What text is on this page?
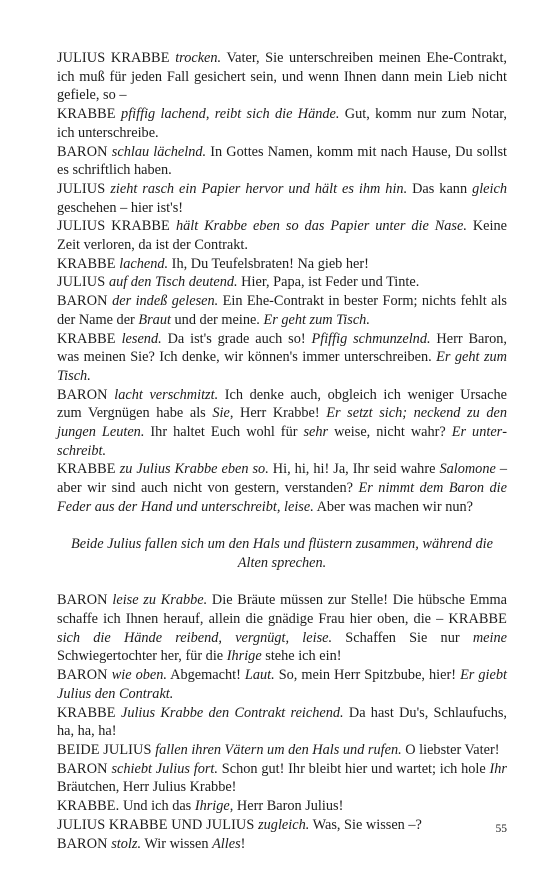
JULIUS KRABBE trocken. Vater, Sie unterschreiben meinen Ehe-Contrakt, ich muß für jeden Fall gesichert sein, und wenn Ihnen dann mein Lieb nicht gefiele, so –

KRABBE pfiffig lachend, reibt sich die Hände. Gut, komm nur zum Notar, ich unterschreibe.

BARON schlau lächelnd. In Gottes Namen, komm mit nach Hause, Du sollst es schriftlich haben.

JULIUS zieht rasch ein Papier hervor und hält es ihm hin. Das kann gleich geschehen – hier ist's!

JULIUS KRABBE hält Krabbe eben so das Papier unter die Nase. Keine Zeit verloren, da ist der Contrakt.

KRABBE lachend. Ih, Du Teufelsbraten! Na gieb her!

JULIUS auf den Tisch deutend. Hier, Papa, ist Feder und Tinte.

BARON der indeß gelesen. Ein Ehe-Contrakt in bester Form; nichts fehlt als der Name der Braut und der meine. Er geht zum Tisch.

KRABBE lesend. Da ist's grade auch so! Pfiffig schmunzelnd. Herr Baron, was meinen Sie? Ich denke, wir können's immer unterschreiben. Er geht zum Tisch.

BARON lacht verschmitzt. Ich denke auch, obgleich ich weniger Ursache zum Vergnügen habe als Sie, Herr Krabbe! Er setzt sich; neckend zu den jungen Leuten. Ihr haltet Euch wohl für sehr weise, nicht wahr? Er unterschreibt.

KRABBE zu Julius Krabbe eben so. Hi, hi, hi! Ja, Ihr seid wahre Salomone – aber wir sind auch nicht von gestern, verstanden? Er nimmt dem Baron die Feder aus der Hand und unterschreibt, leise. Aber was machen wir nun?

Beide Julius fallen sich um den Hals und flüstern zusammen, während die Alten sprechen.

BARON leise zu Krabbe. Die Bräute müssen zur Stelle! Die hübsche Emma schaffe ich Ihnen herauf, allein die gnädige Frau hier oben, die – KRABBE sich die Hände reibend, vergnügt, leise. Schaffen Sie nur meine Schwiegertochter her, für die Ihrige stehe ich ein!

BARON wie oben. Abgemacht! Laut. So, mein Herr Spitzbube, hier! Er giebt Julius den Contrakt.

KRABBE Julius Krabbe den Contrakt reichend. Da hast Du's, Schlaufuchs, ha, ha, ha!

BEIDE JULIUS fallen ihren Vätern um den Hals und rufen. O liebster Vater!

BARON schiebt Julius fort. Schon gut! Ihr bleibt hier und wartet; ich hole Ihr Bräutchen, Herr Julius Krabbe!

KRABBE. Und ich das Ihrige, Herr Baron Julius!

JULIUS KRABBE UND JULIUS zugleich. Was, Sie wissen –?

BARON stolz. Wir wissen Alles!

55
